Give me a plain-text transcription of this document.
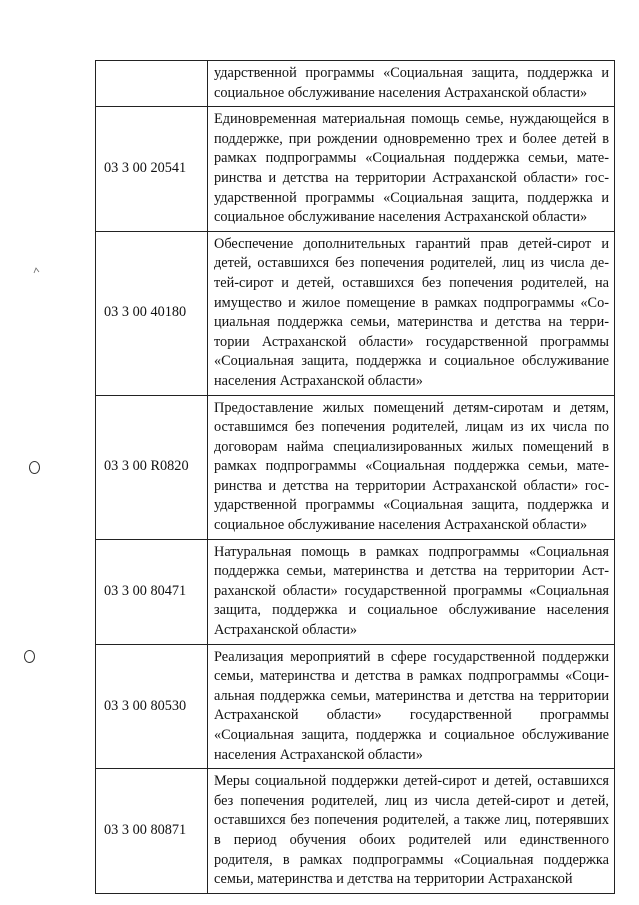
	ударственной программы «Социальная защита, поддержка и социальное обслуживание населения Астраханской области»
03 3 00 20541	Единовременная материальная помощь семье, нуждающейся в поддержке, при рождении одновременно трех и более детей в рамках подпрограммы «Социальная поддержка семьи, материнства и детства на территории Астраханской области» государственной программы «Социальная защита, поддержка и социальное обслуживание населения Астраханской области»
03 3 00 40180	Обеспечение дополнительных гарантий прав детей-сирот и детей, оставшихся без попечения родителей, лиц из числа детей-сирот и детей, оставшихся без попечения родителей, на имущество и жилое помещение в рамках подпрограммы «Социальная поддержка семьи, материнства и детства на территории Астраханской области» государственной программы «Социальная защита, поддержка и социальное обслуживание населения Астраханской области»
03 3 00 R0820	Предоставление жилых помещений детям-сиротам и детям, оставшимся без попечения родителей, лицам из их числа по договорам найма специализированных жилых помещений в рамках подпрограммы «Социальная поддержка семьи, материнства и детства на территории Астраханской области» государственной программы «Социальная защита, поддержка и социальное обслуживание населения Астраханской области»
03 3 00 80471	Натуральная помощь в рамках подпрограммы «Социальная поддержка семьи, материнства и детства на территории Астраханской области» государственной программы «Социальная защита, поддержка и социальное обслуживание населения Астраханской области»
03 3 00 80530	Реализация мероприятий в сфере государственной поддержки семьи, материнства и детства в рамках подпрограммы «Социальная поддержка семьи, материнства и детства на территории Астраханской области» государственной программы «Социальная защита, поддержка и социальное обслуживание населения Астраханской области»
03 3 00 80871	Меры социальной поддержки детей-сирот и детей, оставшихся без попечения родителей, лиц из числа детей-сирот и детей, оставшихся без попечения родителей, а также лиц, потерявших в период обучения обоих родителей или единственного родителя, в рамках подпрограммы «Социальная поддержка семьи, материнства и детства на территории Астраханской
